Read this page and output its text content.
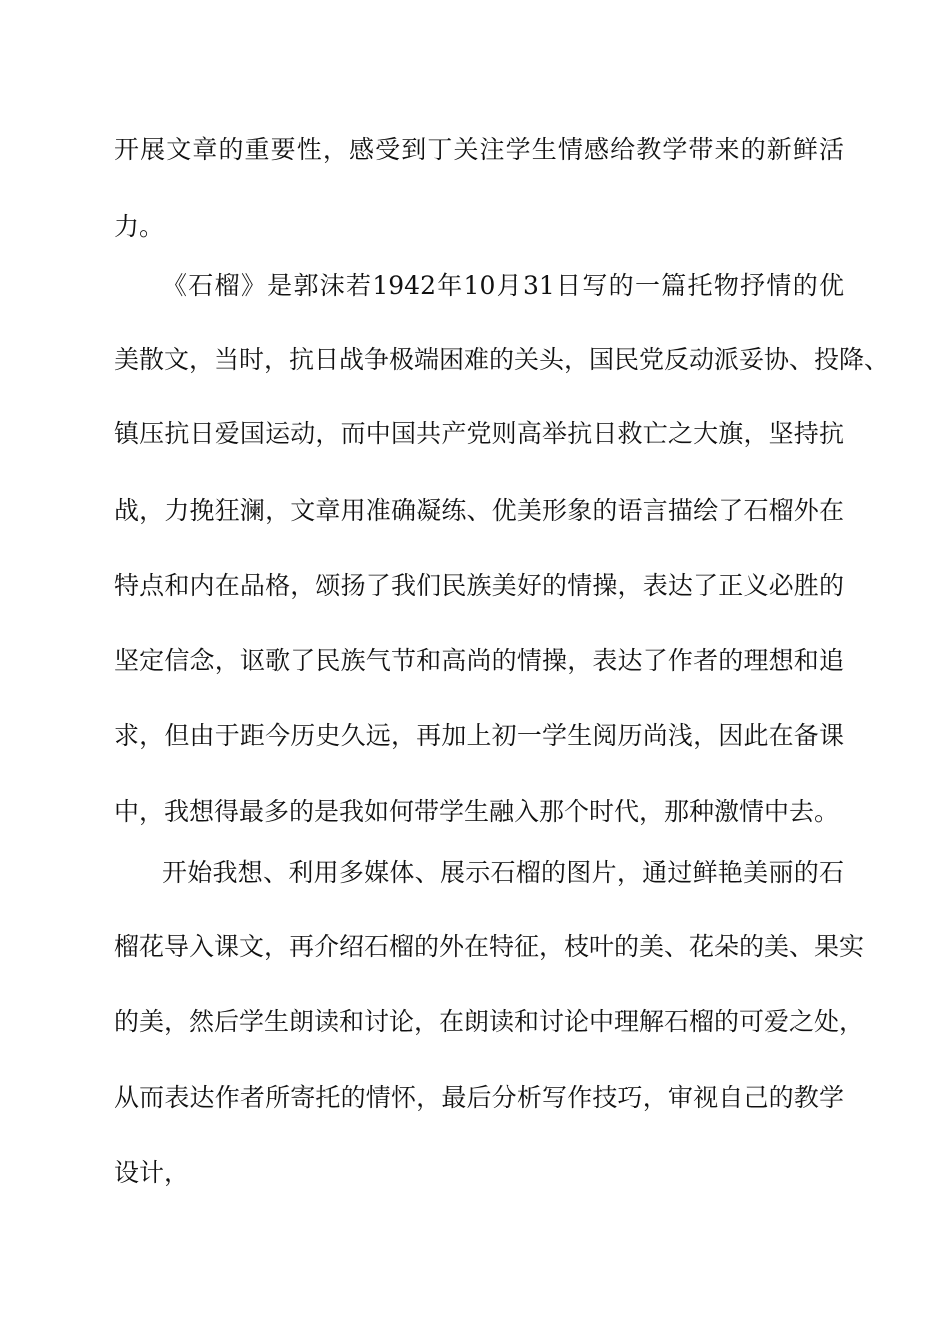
开展文章的重要性，感受到丁关注学生情感给教学带来的新鲜活
力。
《石榴》是郭沫若1942年10月31日写的一篇托物抒情的优
美散文，当时，抗日战争极端困难的关头，国民党反动派妥协、投降、
镇压抗日爱国运动，而中国共产党则高举抗日救亡之大旗，坚持抗
战，力挽狂澜，文章用准确凝练、优美形象的语言描绘了石榴外在
特点和内在品格，颂扬了我们民族美好的情操，表达了正义必胜的
坚定信念，讴歌了民族气节和高尚的情操，表达了作者的理想和追
求，但由于距今历史久远，再加上初一学生阅历尚浅，因此在备课
中，我想得最多的是我如何带学生融入那个时代，那种激情中去。
开始我想、利用多媒体、展示石榴的图片，通过鲜艳美丽的石
榴花导入课文，再介绍石榴的外在特征，枝叶的美、花朵的美、果实
的美，然后学生朗读和讨论，在朗读和讨论中理解石榴的可爱之处，
从而表达作者所寄托的情怀，最后分析写作技巧，审视自己的教学
设计，
